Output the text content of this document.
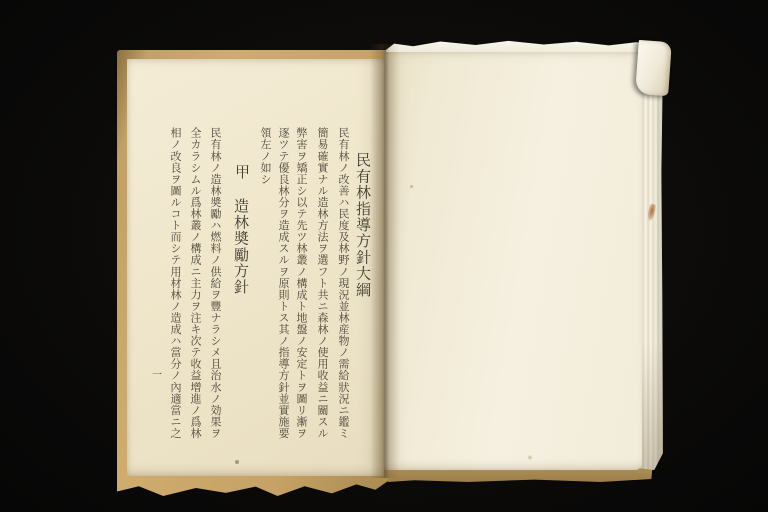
民有林指導方針大綱
民有林ノ改善ハ民度及林野ノ現況並林産物ノ需給狀況ニ鑑ミ
簡易確實ナル造林方法ヲ選フト共ニ森林ノ使用收益ニ關スル
弊害ヲ矯正シ以テ先ツ林叢ノ構成ト地盤ノ安定トヲ圖リ漸ヲ
逐ツテ優良林分ヲ造成スルヲ原則トス其ノ指導方針並實施要
領左ノ如シ
甲
造林奬勵方針
民有林ノ造林奬勵ハ燃料ノ供給ヲ豐ナラシメ且治水ノ効果ヲ
全カラシムル爲林叢ノ構成ニ主力ヲ注キ次テ收益增進ノ爲林
相ノ改良ヲ圖ルコト而シテ用材林ノ造成ハ當分ノ內適當ニ之
一
